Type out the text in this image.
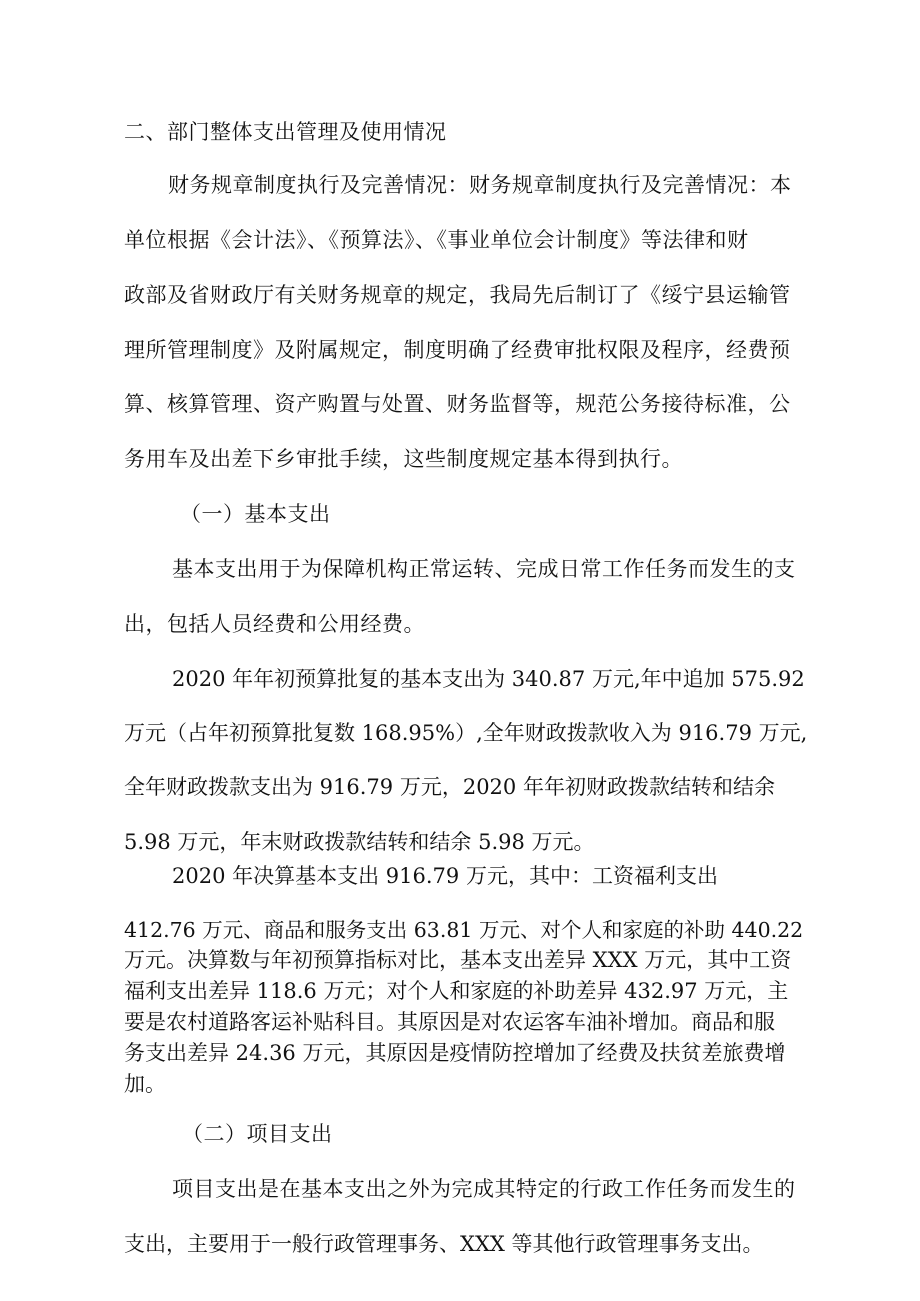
二、部门整体支出管理及使用情况
财务规章制度执行及完善情况：财务规章制度执行及完善情况：本
单位根据《会计法》、《预算法》、《事业单位会计制度》等法律和财
政部及省财政厅有关财务规章的规定，我局先后制订了《绥宁县运输管
理所管理制度》及附属规定，制度明确了经费审批权限及程序，经费预
算、核算管理、资产购置与处置、财务监督等，规范公务接待标准，公
务用车及出差下乡审批手续，这些制度规定基本得到执行。
（一）基本支出
基本支出用于为保障机构正常运转、完成日常工作任务而发生的支
出，包括人员经费和公用经费。
2020 年年初预算批复的基本支出为 340.87 万元,年中追加 575.92
万元（占年初预算批复数 168.95%）,全年财政拨款收入为 916.79 万元,
全年财政拨款支出为 916.79 万元，2020 年年初财政拨款结转和结余
5.98 万元，年末财政拨款结转和结余 5.98 万元。
2020 年决算基本支出 916.79 万元，其中：工资福利支出
412.76 万元、商品和服务支出 63.81 万元、对个人和家庭的补助 440.22
万元。决算数与年初预算指标对比，基本支出差异 XXX 万元，其中工资
福利支出差异 118.6 万元；对个人和家庭的补助差异 432.97 万元，主
要是农村道路客运补贴科目。其原因是对农运客车油补增加。商品和服
务支出差异 24.36 万元，其原因是疫情防控增加了经费及扶贫差旅费增
加。
（二）项目支出
项目支出是在基本支出之外为完成其特定的行政工作任务而发生的
支出，主要用于一般行政管理事务、XXX 等其他行政管理事务支出。
